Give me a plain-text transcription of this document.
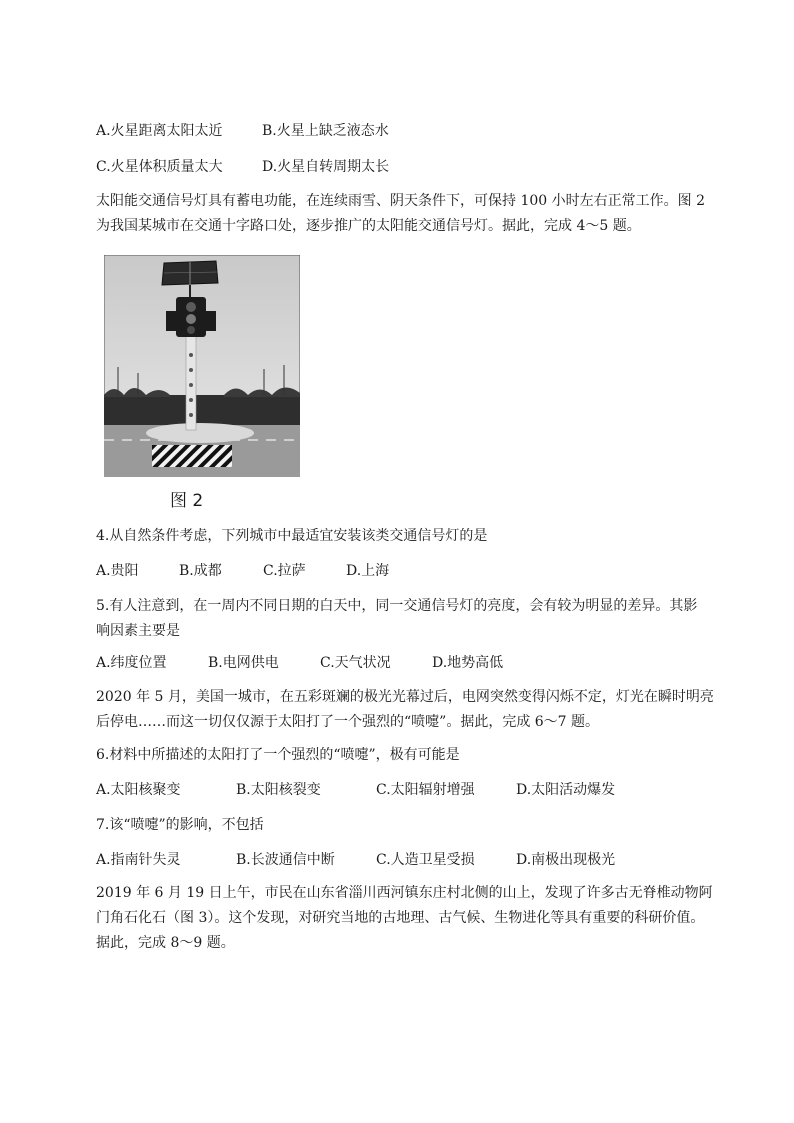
A.火星距离太阳太近	B.火星上缺乏液态水
C.火星体积质量太大	D.火星自转周期太长
太阳能交通信号灯具有蓄电功能，在连续雨雪、阴天条件下，可保持 100 小时左右正常工作。图 2
为我国某城市在交通十字路口处，逐步推广的太阳能交通信号灯。据此，完成 4～5 题。
图 2
4.从自然条件考虑，下列城市中最适宜安装该类交通信号灯的是
A.贵阳	B.成都	C.拉萨	D.上海
5.有人注意到，在一周内不同日期的白天中，同一交通信号灯的亮度，会有较为明显的差异。其影
响因素主要是
A.纬度位置	B.电网供电	C.天气状况	D.地势高低
2020 年 5 月，美国一城市，在五彩斑斓的极光光幕过后，电网突然变得闪烁不定，灯光在瞬时明亮
后停电……而这一切仅仅源于太阳打了一个强烈的“喷嚏”。据此，完成 6～7 题。
6.材料中所描述的太阳打了一个强烈的“喷嚏”，极有可能是
A.太阳核聚变	B.太阳核裂变	C.太阳辐射增强	D.太阳活动爆发
7.该“喷嚏”的影响，不包括
A.指南针失灵	B.长波通信中断	C.人造卫星受损	D.南极出现极光
2019 年 6 月 19 日上午，市民在山东省淄川西河镇东庄村北侧的山上，发现了许多古无脊椎动物阿
门角石化石（图 3）。这个发现，对研究当地的古地理、古气候、生物进化等具有重要的科研价值。
据此，完成 8～9 题。
